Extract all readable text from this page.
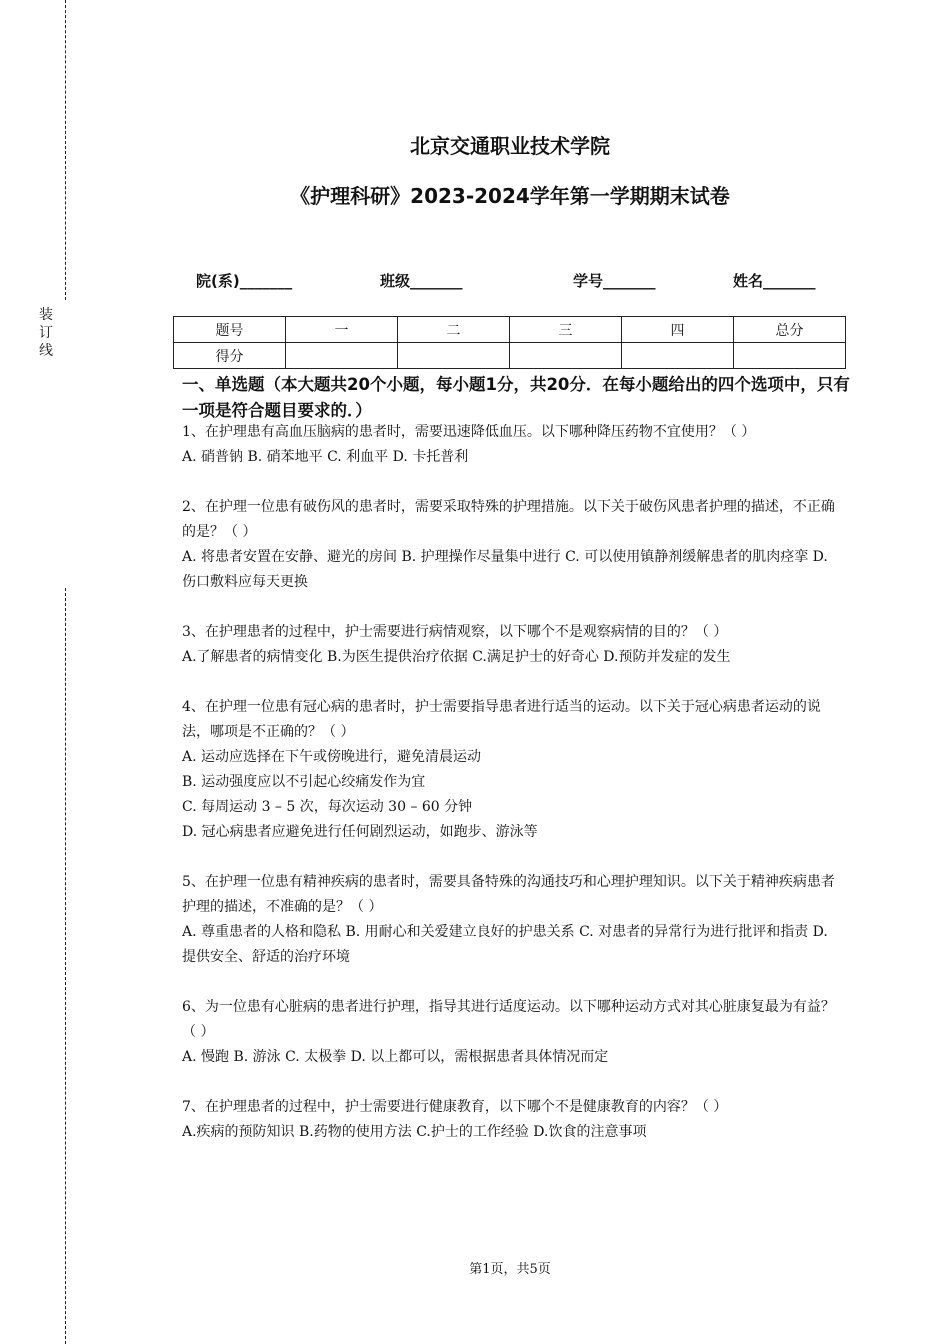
装订线
北京交通职业技术学院
《护理科研》2023-2024学年第一学期期末试卷
院(系)_______	班级_______	学号_______	姓名_______
题号	一	二	三	四	总分
得分					
一、单选题（本大题共20个小题，每小题1分，共20分．在每小题给出的四个选项中，只有一项是符合题目要求的．）

1、在护理患有高血压脑病的患者时，需要迅速降低血压。以下哪种降压药物不宜使用？（ ）

A. 硝普钠 B. 硝苯地平 C. 利血平 D. 卡托普利

2、在护理一位患有破伤风的患者时，需要采取特殊的护理措施。以下关于破伤风患者护理的描述，不正确的是？（ ）

A. 将患者安置在安静、避光的房间 B. 护理操作尽量集中进行 C. 可以使用镇静剂缓解患者的肌肉痉挛 D. 伤口敷料应每天更换

3、在护理患者的过程中，护士需要进行病情观察，以下哪个不是观察病情的目的？（ ）

A.了解患者的病情变化 B.为医生提供治疗依据 C.满足护士的好奇心 D.预防并发症的发生

4、在护理一位患有冠心病的患者时，护士需要指导患者进行适当的运动。以下关于冠心病患者运动的说法，哪项是不正确的？（ ）

A. 运动应选择在下午或傍晚进行，避免清晨运动

B. 运动强度应以不引起心绞痛发作为宜

C. 每周运动 3 – 5 次，每次运动 30 – 60 分钟

D. 冠心病患者应避免进行任何剧烈运动，如跑步、游泳等

5、在护理一位患有精神疾病的患者时，需要具备特殊的沟通技巧和心理护理知识。以下关于精神疾病患者护理的描述，不准确的是？（ ）

A. 尊重患者的人格和隐私 B. 用耐心和关爱建立良好的护患关系 C. 对患者的异常行为进行批评和指责 D. 提供安全、舒适的治疗环境

6、为一位患有心脏病的患者进行护理，指导其进行适度运动。以下哪种运动方式对其心脏康复最为有益？（ ）

A. 慢跑 B. 游泳 C. 太极拳 D. 以上都可以，需根据患者具体情况而定

7、在护理患者的过程中，护士需要进行健康教育，以下哪个不是健康教育的内容？（ ）

A.疾病的预防知识 B.药物的使用方法 C.护士的工作经验 D.饮食的注意事项

第1页，共5页
